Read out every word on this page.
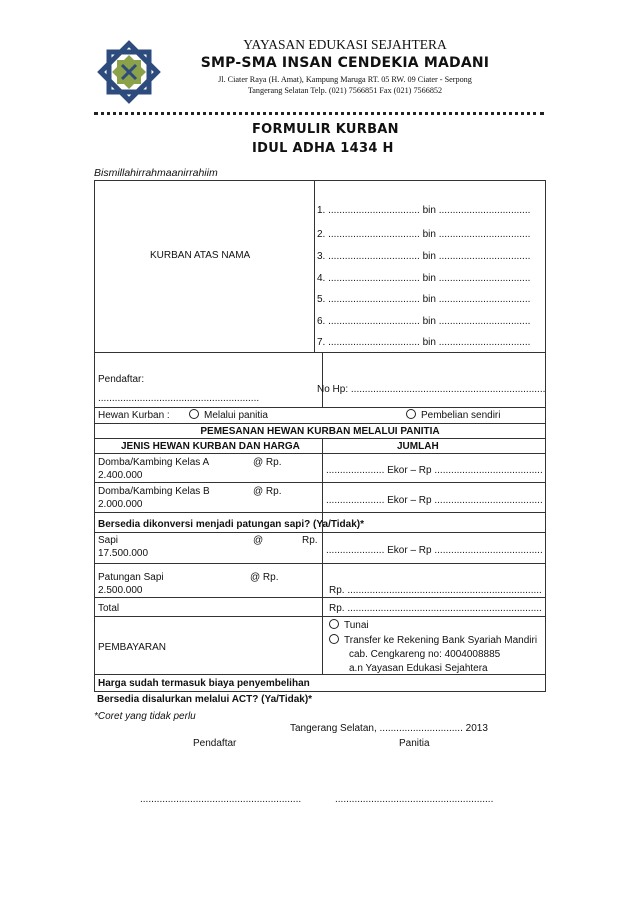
YAYASAN EDUKASI SEJAHTERA
SMP-SMA INSAN CENDEKIA MADANI
Jl. Ciater Raya (H. Amat), Kampung Maruga RT. 05 RW. 09 Ciater - Serpong
Tangerang Selatan Telp. (021) 7566851 Fax (021) 7566852
FORMULIR KURBAN
IDUL ADHA 1434 H
Bismillahirrahmaanirrahiim
KURBAN ATAS NAMA
1. ................................. bin .................................
2. ................................. bin .................................
3. ................................. bin .................................
4. ................................. bin .................................
5. ................................. bin .................................
6. ................................. bin .................................
7. ................................. bin .................................
Pendaftar:
..........................................................
No Hp: ......................................................................
Hewan Kurban :	Melalui panitia	Pembelian sendiri
PEMESANAN HEWAN KURBAN MELALUI PANITIA
JENIS HEWAN KURBAN DAN HARGA	JUMLAH
Domba/Kambing Kelas A	@ Rp.
2.400.000	..................... Ekor – Rp .......................................
Domba/Kambing Kelas B	@ Rp.
2.000.000	..................... Ekor – Rp .......................................
Bersedia dikonversi menjadi patungan sapi? (Ya/Tidak)*
Sapi	@	Rp.
17.500.000	..................... Ekor – Rp .......................................
Patungan Sapi	@ Rp.
2.500.000	Rp. ......................................................................
Total	Rp. ......................................................................
PEMBAYARAN
Tunai
Transfer ke Rekening Bank Syariah Mandiri
cab. Cengkareng no: 4004008885
a.n Yayasan Edukasi Sejahtera
Harga sudah termasuk biaya penyembelihan
Bersedia disalurkan melalui ACT? (Ya/Tidak)*
*Coret yang tidak perlu
Tangerang Selatan, .............................. 2013
Pendaftar	Panitia
..........................................................	.........................................................
